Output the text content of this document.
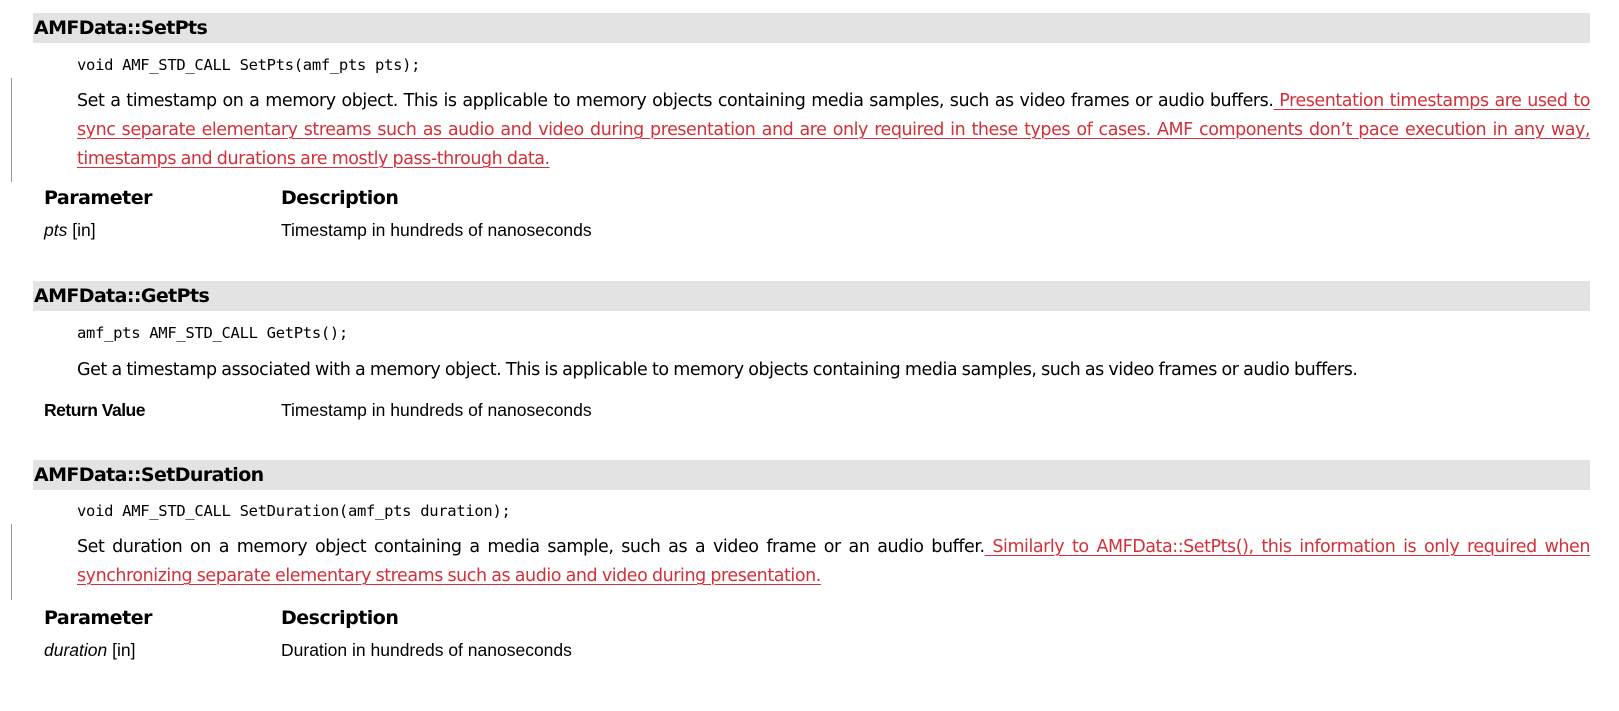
AMFData::SetPts
void AMF_STD_CALL SetPts(amf_pts pts);
Set a timestamp on a memory object. This is applicable to memory objects containing media samples, such as video frames or audio buffers. Presentation timestamps are used to sync separate elementary streams such as audio and video during presentation and are only required in these types of cases. AMF components don’t pace execution in any way, timestamps and durations are mostly pass-through data.
Parameter	Description
pts [in]	Timestamp in hundreds of nanoseconds
AMFData::GetPts
amf_pts AMF_STD_CALL GetPts();
Get a timestamp associated with a memory object. This is applicable to memory objects containing media samples, such as video frames or audio buffers.
Return Value	Timestamp in hundreds of nanoseconds
AMFData::SetDuration
void AMF_STD_CALL SetDuration(amf_pts duration);
Set duration on a memory object containing a media sample, such as a video frame or an audio buffer. Similarly to AMFData::SetPts(), this information is only required when synchronizing separate elementary streams such as audio and video during presentation.
Parameter	Description
duration [in]	Duration in hundreds of nanoseconds
